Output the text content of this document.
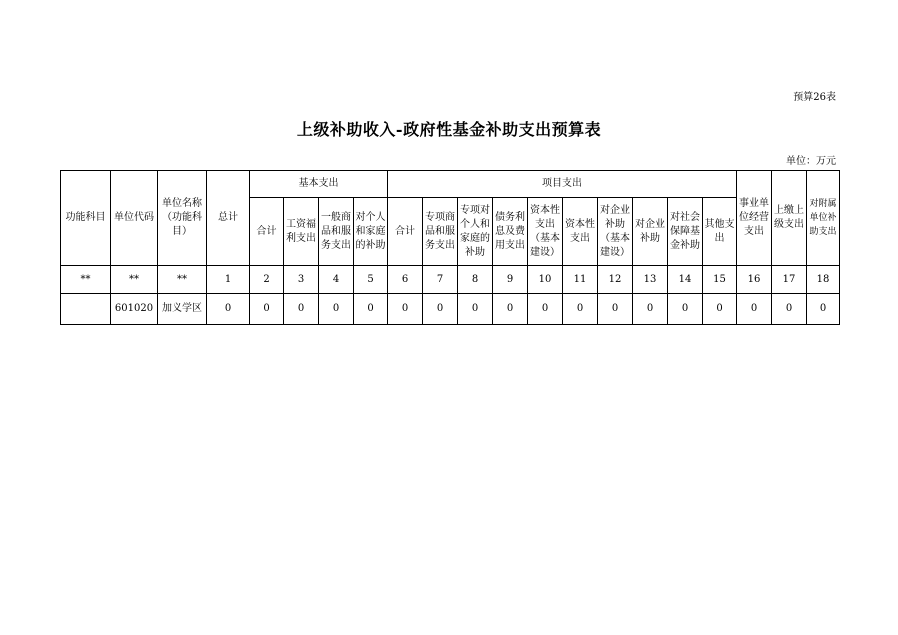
预算26表
上级补助收入-政府性基金补助支出预算表
单位：万元
功能科目	单位代码	单位名称（功能科目）	总计	基本支出				项目支出										事业单位经营支出	上缴上级支出	对附属单位补助支出
				合计	工资福利支出	一般商品和服务支出	对个人和家庭的补助	合计	专项商品和服务支出	专项对个人和家庭的补助	债务利息及费用支出	资本性支出（基本建设）	资本性支出	对企业补助（基本建设）	对企业补助	对社会保障基金补助	其他支出			
**	**	**	1	2	3	4	5	6	7	8	9	10	11	12	13	14	15	16	17	18
	601020	加义学区	0	0	0	0	0	0	0	0	0	0	0	0	0	0	0	0	0	0
